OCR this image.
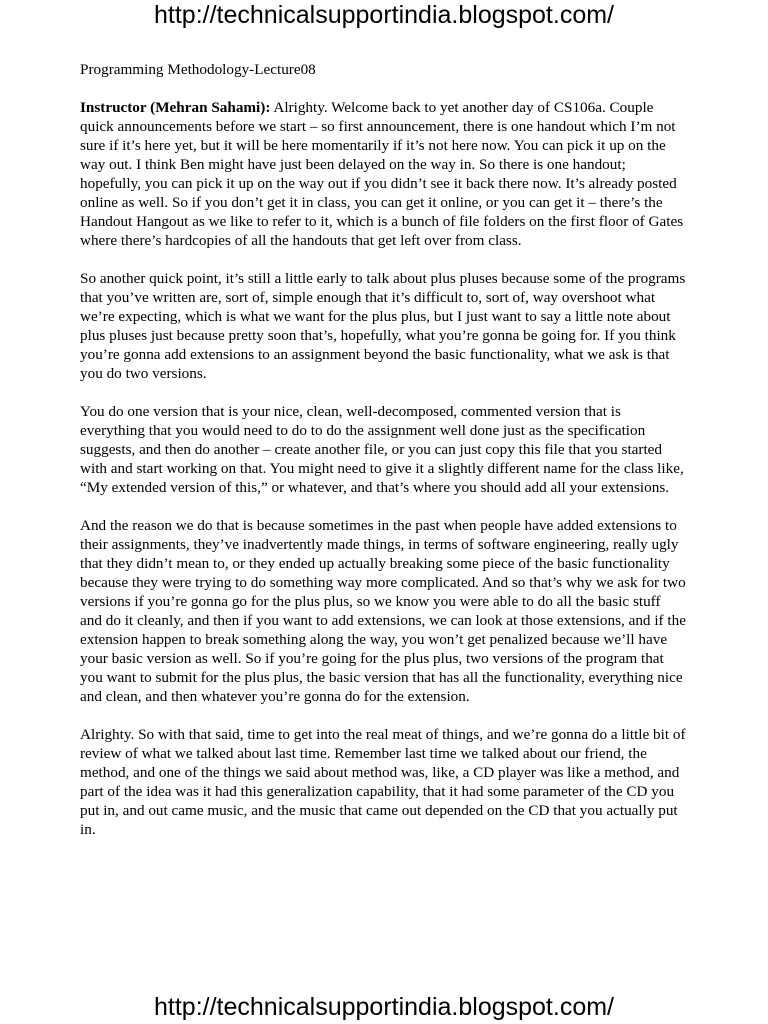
http://technicalsupportindia.blogspot.com/

Programming Methodology-Lecture08

Instructor (Mehran Sahami): Alrighty. Welcome back to yet another day of CS106a. Couple quick announcements before we start – so first announcement, there is one handout which I’m not sure if it’s here yet, but it will be here momentarily if it’s not here now. You can pick it up on the way out. I think Ben might have just been delayed on the way in. So there is one handout; hopefully, you can pick it up on the way out if you didn’t see it back there now. It’s already posted online as well. So if you don’t get it in class, you can get it online, or you can get it – there’s the Handout Hangout as we like to refer to it, which is a bunch of file folders on the first floor of Gates where there’s hardcopies of all the handouts that get left over from class.

So another quick point, it’s still a little early to talk about plus pluses because some of the programs that you’ve written are, sort of, simple enough that it’s difficult to, sort of, way overshoot what we’re expecting, which is what we want for the plus plus, but I just want to say a little note about plus pluses just because pretty soon that’s, hopefully, what you’re gonna be going for. If you think you’re gonna add extensions to an assignment beyond the basic functionality, what we ask is that you do two versions.

You do one version that is your nice, clean, well-decomposed, commented version that is everything that you would need to do to do the assignment well done just as the specification suggests, and then do another – create another file, or you can just copy this file that you started with and start working on that. You might need to give it a slightly different name for the class like, “My extended version of this,” or whatever, and that’s where you should add all your extensions.

And the reason we do that is because sometimes in the past when people have added extensions to their assignments, they’ve inadvertently made things, in terms of software engineering, really ugly that they didn’t mean to, or they ended up actually breaking some piece of the basic functionality because they were trying to do something way more complicated. And so that’s why we ask for two versions if you’re gonna go for the plus plus, so we know you were able to do all the basic stuff and do it cleanly, and then if you want to add extensions, we can look at those extensions, and if the extension happen to break something along the way, you won’t get penalized because we’ll have your basic version as well. So if you’re going for the plus plus, two versions of the program that you want to submit for the plus plus, the basic version that has all the functionality, everything nice and clean, and then whatever you’re gonna do for the extension.

Alrighty. So with that said, time to get into the real meat of things, and we’re gonna do a little bit of review of what we talked about last time. Remember last time we talked about our friend, the method, and one of the things we said about method was, like, a CD player was like a method, and part of the idea was it had this generalization capability, that it had some parameter of the CD you put in, and out came music, and the music that came out depended on the CD that you actually put in.

http://technicalsupportindia.blogspot.com/
